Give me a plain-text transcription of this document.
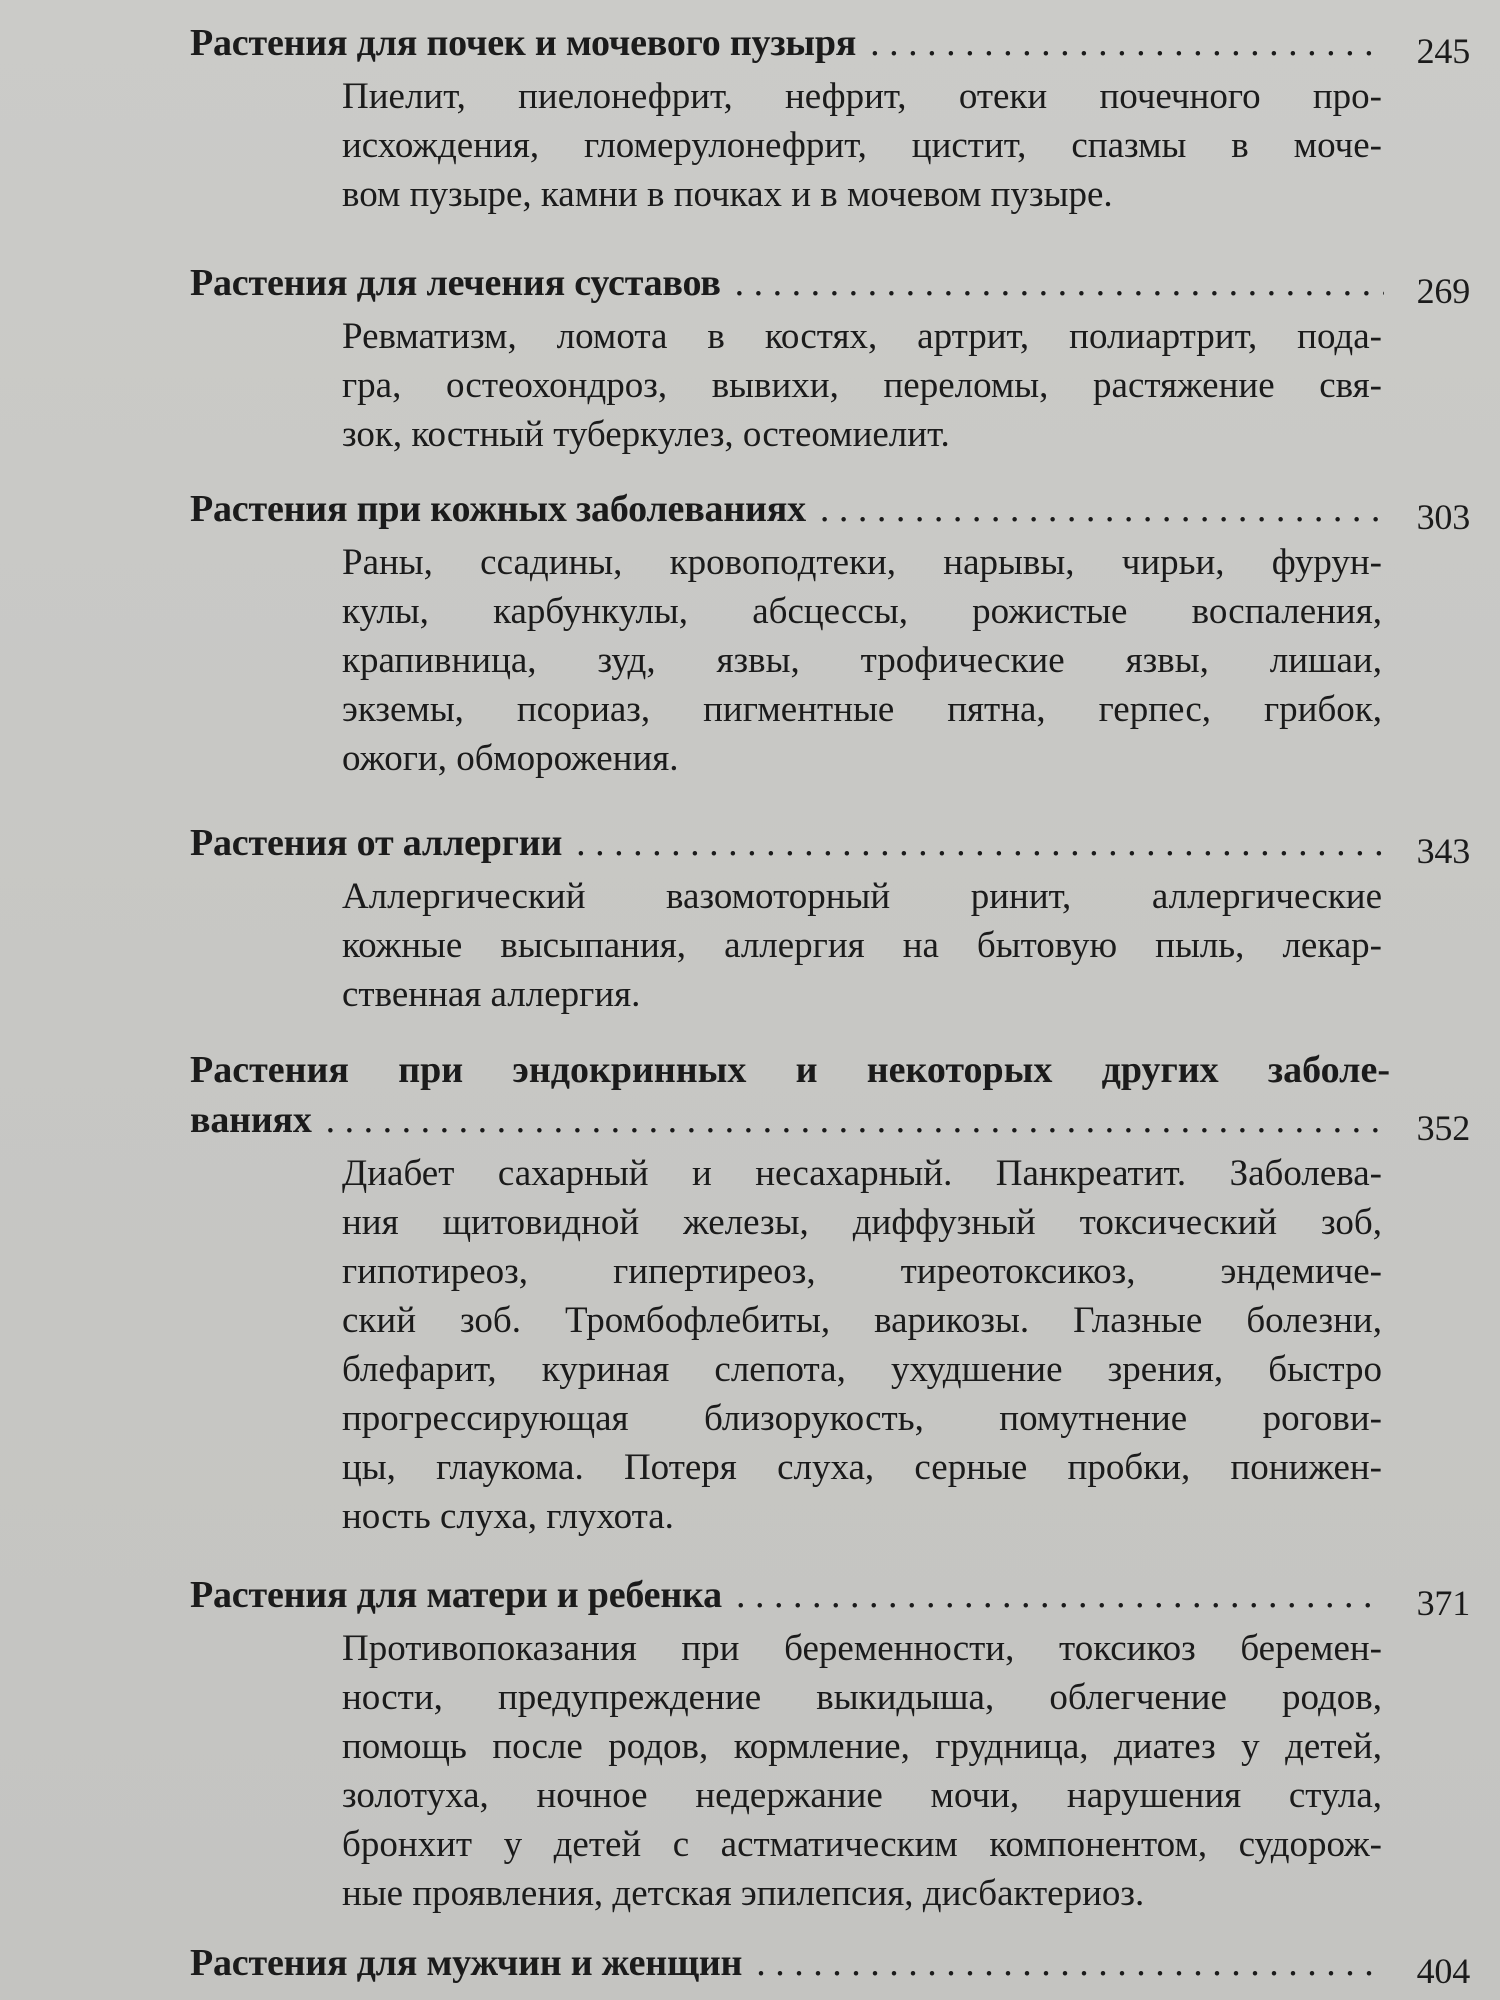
Растения для почек и мочевого пузыря . . .	245
Пиелит, пиелонефрит, нефрит, отеки почечного про-
исхождения, гломерулонефрит, цистит, спазмы в моче-
вом пузыре, камни в почках и в мочевом пузыре.
Растения для лечения суставов . . .	269
Ревматизм, ломота в костях, артрит, полиартрит, пода-
гра, остеохондроз, вывихи, переломы, растяжение свя-
зок, костный туберкулез, остеомиелит.
Растения при кожных заболеваниях . . .	303
Раны, ссадины, кровоподтеки, нарывы, чирьи, фурун-
кулы, карбункулы, абсцессы, рожистые воспаления,
крапивница, зуд, язвы, трофические язвы, лишаи,
экземы, псориаз, пигментные пятна, герпес, грибок,
ожоги, обморожения.
Растения от аллергии . . .	343
Аллергический вазомоторный ринит, аллергические
кожные высыпания, аллергия на бытовую пыль, лекар-
ственная аллергия.
Растения при эндокринных и некоторых других заболе-
ваниях . . .	352
Диабет сахарный и несахарный. Панкреатит. Заболева-
ния щитовидной железы, диффузный токсический зоб,
гипотиреоз, гипертиреоз, тиреотоксикоз, эндемиче-
ский зоб. Тромбофлебиты, варикозы. Глазные болезни,
блефарит, куриная слепота, ухудшение зрения, быстро
прогрессирующая близорукость, помутнение рогови-
цы, глаукома. Потеря слуха, серные пробки, понижен-
ность слуха, глухота.
Растения для матери и ребенка . . .	371
Противопоказания при беременности, токсикоз беремен-
ности, предупреждение выкидыша, облегчение родов,
помощь после родов, кормление, грудница, диатез у детей,
золотуха, ночное недержание мочи, нарушения стула,
бронхит у детей с астматическим компонентом, судорож-
ные проявления, детская эпилепсия, дисбактериоз.
Растения для мужчин и женщин . . .	404
